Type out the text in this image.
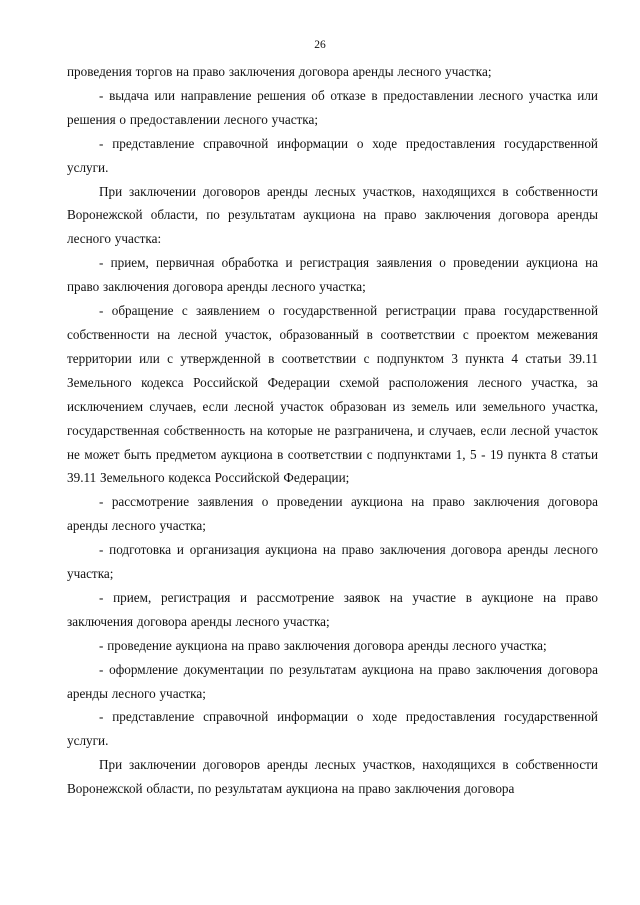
26

проведения торгов на право заключения договора аренды лесного участка;

- выдача или направление решения об отказе в предоставлении лесного участка или решения о предоставлении лесного участка;

- представление справочной информации о ходе предоставления государственной услуги.

При заключении договоров аренды лесных участков, находящихся в собственности Воронежской области, по результатам аукциона на право заключения договора аренды лесного участка:

- прием, первичная обработка и регистрация заявления о проведении аукциона на право заключения договора аренды лесного участка;

- обращение с заявлением о государственной регистрации права государственной собственности на лесной участок, образованный в соответствии с проектом межевания территории или с утвержденной в соответствии с подпунктом 3 пункта 4 статьи 39.11 Земельного кодекса Российской Федерации схемой расположения лесного участка, за исключением случаев, если лесной участок образован из земель или земельного участка, государственная собственность на которые не разграничена, и случаев, если лесной участок не может быть предметом аукциона в соответствии с подпунктами 1, 5 - 19 пункта 8 статьи 39.11 Земельного кодекса Российской Федерации;

- рассмотрение заявления о проведении аукциона на право заключения договора аренды лесного участка;

- подготовка и организация аукциона на право заключения договора аренды лесного участка;

- прием, регистрация и рассмотрение заявок на участие в аукционе на право заключения договора аренды лесного участка;

- проведение аукциона на право заключения договора аренды лесного участка;

- оформление документации по результатам аукциона на право заключения договора аренды лесного участка;

- представление справочной информации о ходе предоставления государственной услуги.

При заключении договоров аренды лесных участков, находящихся в собственности Воронежской области, по результатам аукциона на право заключения договора
